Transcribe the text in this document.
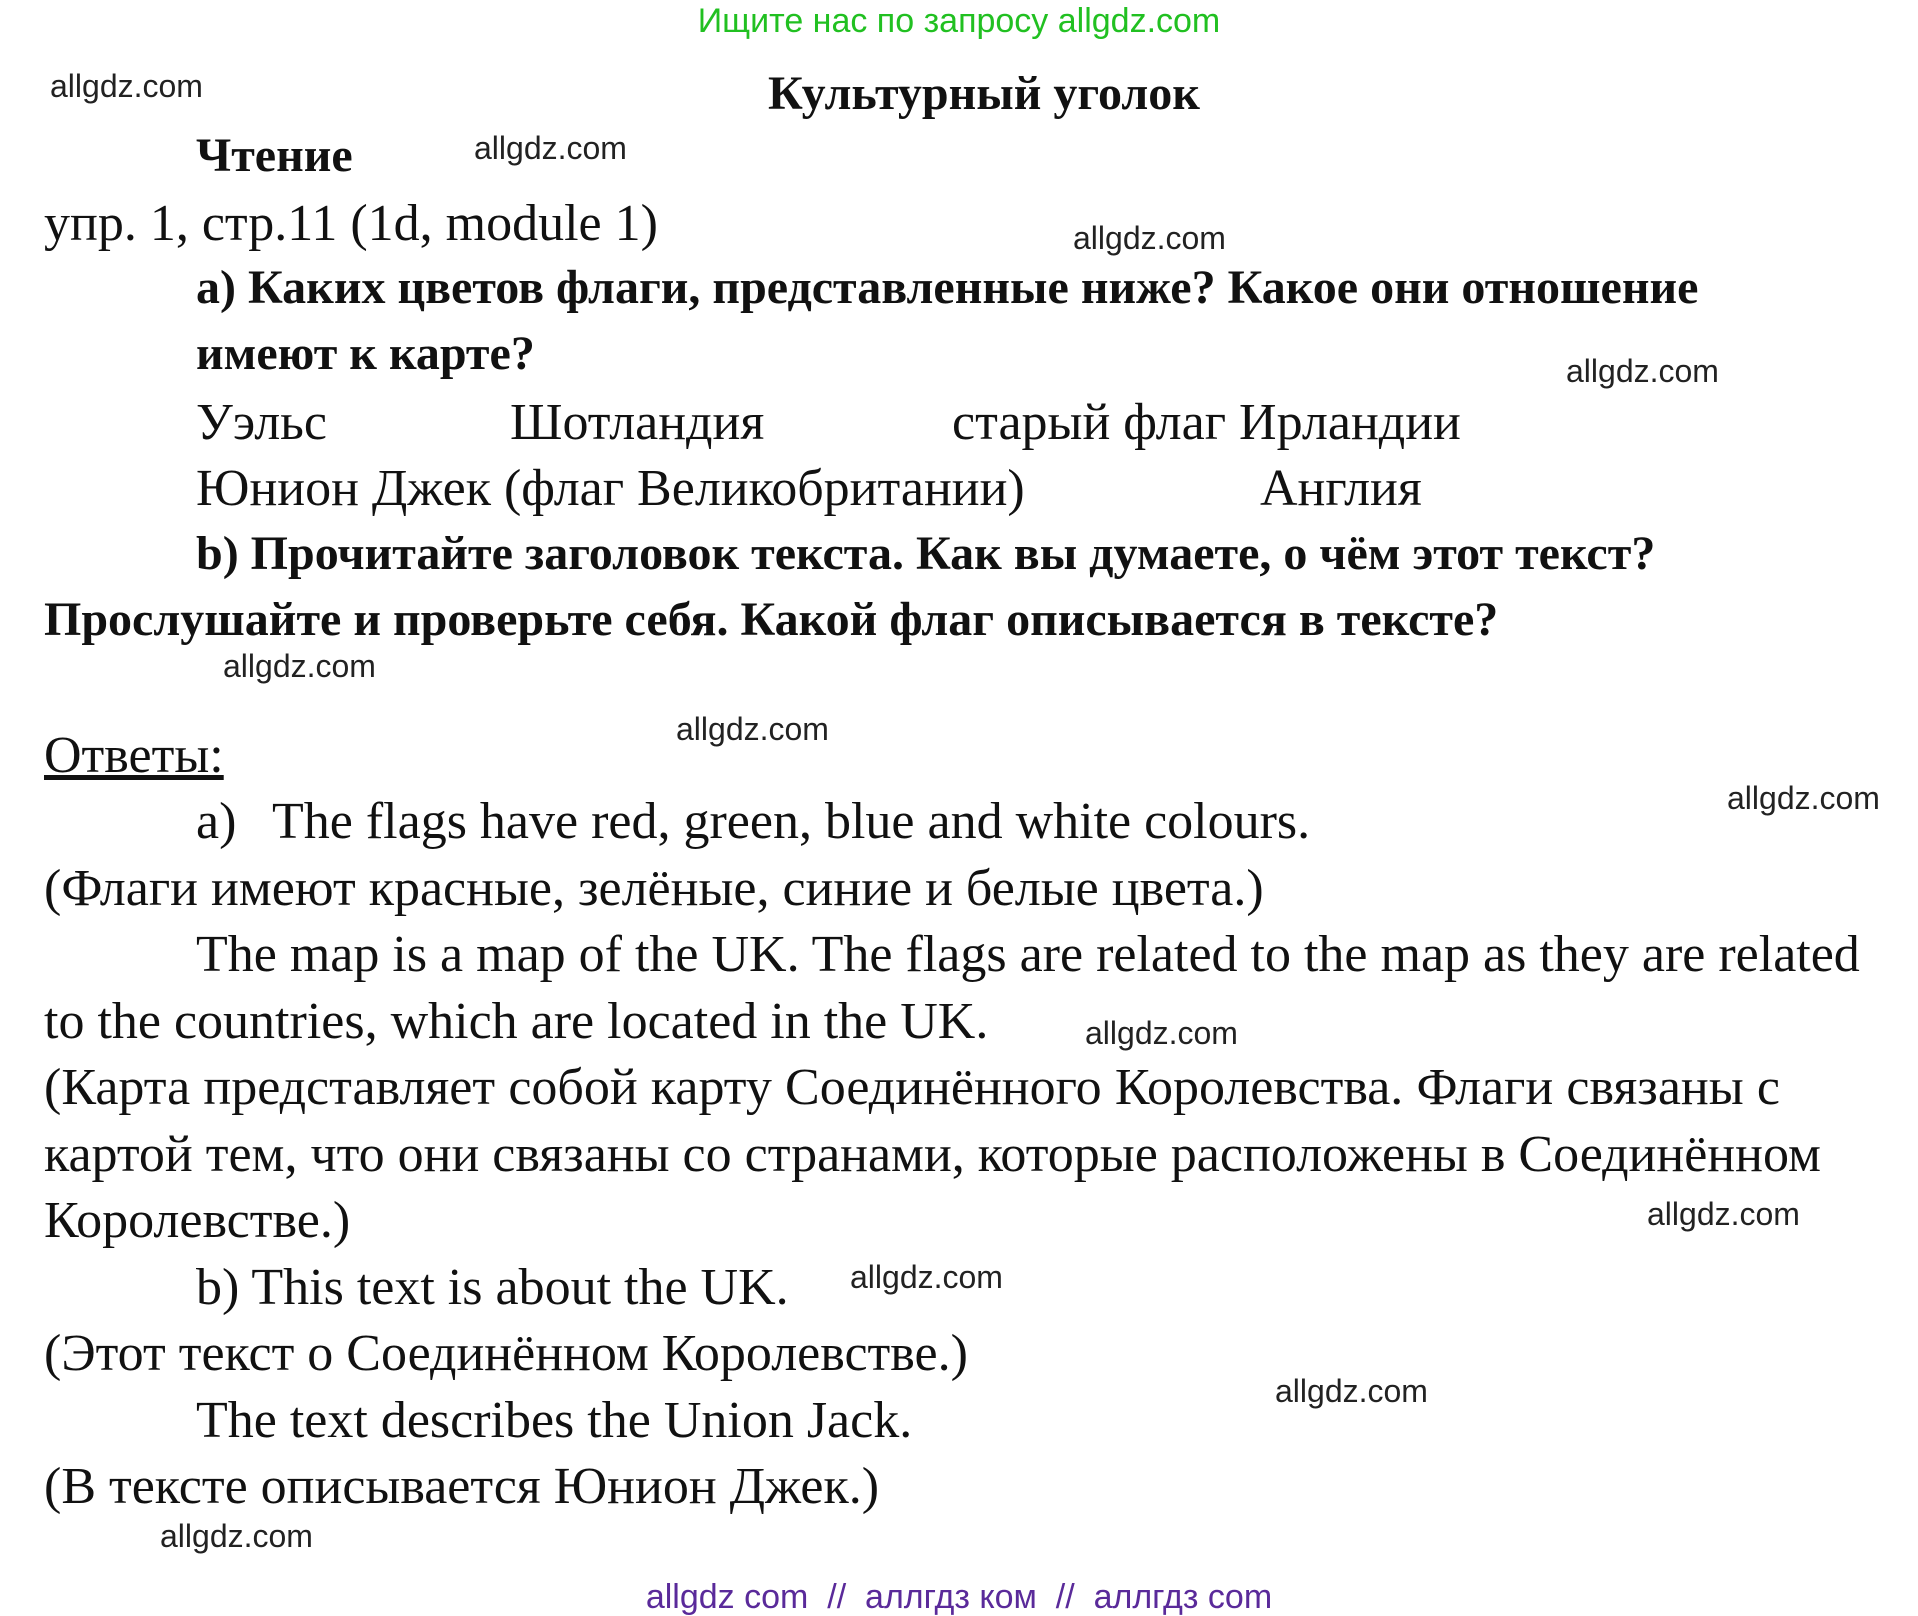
Ищите нас по запросу allgdz.com
allgdz.com
allgdz.com
allgdz.com
allgdz.com
allgdz.com
allgdz.com
allgdz.com
allgdz.com
allgdz.com
allgdz.com
allgdz.com
allgdz.com
Культурный уголок
Чтение
упр. 1, стр.11 (1d, module 1)
a) Каких цветов флаги, представленные ниже? Какое они отношение
имеют к карте?
Уэльс	Шотландия	старый флаг Ирландии
Юнион Джек (флаг Великобритании)	Англия
b) Прочитайте заголовок текста. Как вы думаете, о чём этот текст?
Прослушайте и проверьте себя. Какой флаг описывается в тексте?
Ответы:
a) The flags have red, green, blue and white colours.
(Флаги имеют красные, зелёные, синие и белые цвета.)
The map is a map of the UK. The flags are related to the map as they are related
to the countries, which are located in the UK.
(Карта представляет собой карту Соединённого Королевства. Флаги связаны с
картой тем, что они связаны со странами, которые расположены в Соединённом
Королевстве.)
b) This text is about the UK.
(Этот текст о Соединённом Королевстве.)
The text describes the Union Jack.
(В тексте описывается Юнион Джек.)
allgdz com  //  аллгдз ком  //  аллгдз com
